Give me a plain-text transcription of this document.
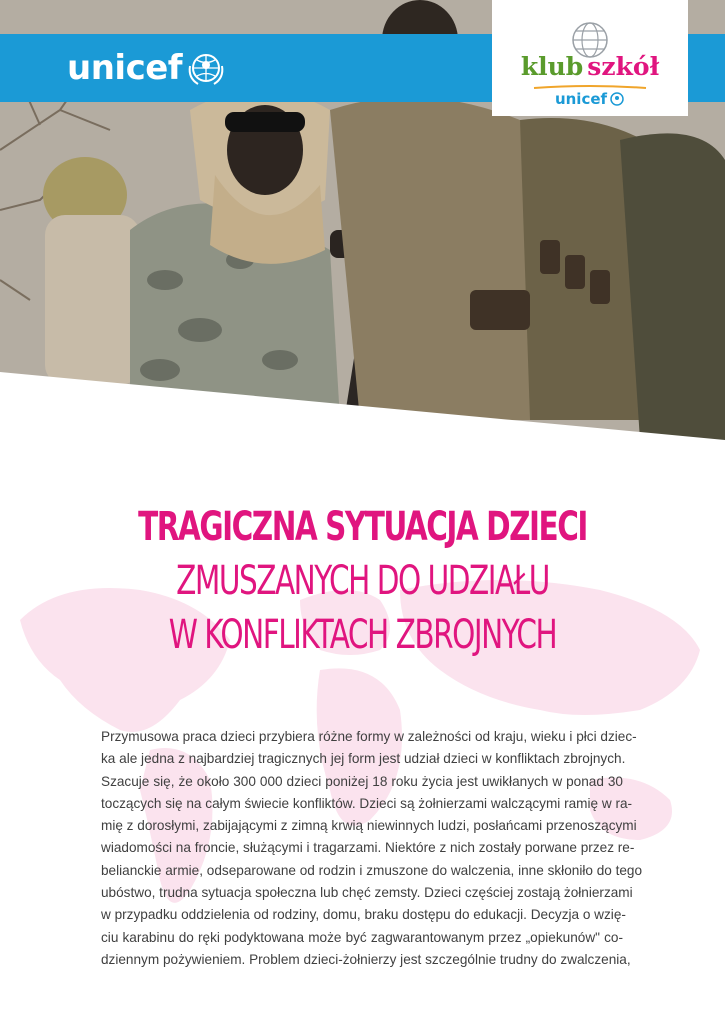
unicef	klub szkół
unicef
TRAGICZNA SYTUACJA DZIECI
ZMUSZANYCH DO UDZIAŁU
W KONFLIKTACH ZBROJNYCH
Przymusowa praca dzieci przybiera różne formy w zależności od kraju, wieku i płci dziec-
ka ale jedna z najbardziej tragicznych jej form jest udział dzieci w konfliktach zbrojnych.
Szacuje się, że około 300 000 dzieci poniżej 18 roku życia jest uwikłanych w ponad 30
toczących się na całym świecie konfliktów. Dzieci są żołnierzami walczącymi ramię w ra-
mię z dorosłymi, zabijającymi z zimną krwią niewinnych ludzi, posłańcami przenoszącymi
wiadomości na froncie, służącymi i tragarzami. Niektóre z nich zostały porwane przez re-
belianckie armie, odseparowane od rodzin i zmuszone do walczenia, inne skłoniło do tego
ubóstwo, trudna sytuacja społeczna lub chęć zemsty. Dzieci częściej zostają żołnierzami
w przypadku oddzielenia od rodziny, domu, braku dostępu do edukacji. Decyzja o wzię-
ciu karabinu do ręki podyktowana może być zagwarantowanym przez „opiekunów" co-
dziennym pożywieniem. Problem dzieci-żołnierzy jest szczególnie trudny do zwalczenia,
